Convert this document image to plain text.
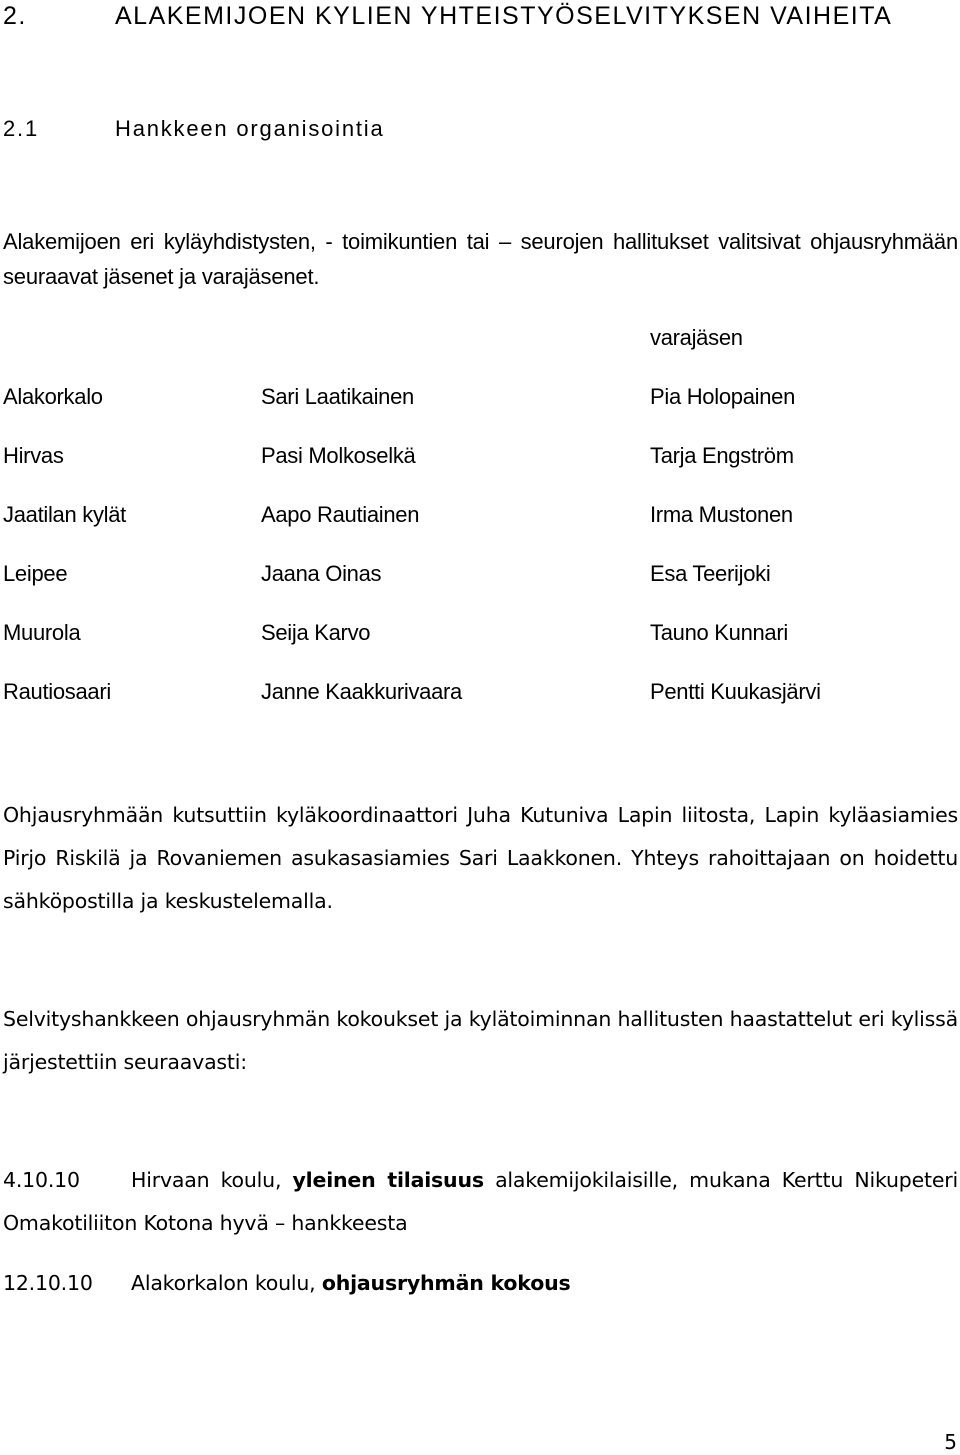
2.	ALAKEMIJOEN KYLIEN YHTEISTYÖSELVITYKSEN VAIHEITA
2.1	Hankkeen organisointia

Alakemijoen eri kyläyhdistysten, - toimikuntien tai – seurojen hallitukset valitsivat ohjausryhmään seuraavat jäsenet ja varajäsenet.

varajäsen
Alakorkalo	Sari Laatikainen	Pia Holopainen
Hirvas	Pasi Molkoselkä	Tarja Engström
Jaatilan kylät	Aapo Rautiainen	Irma Mustonen
Leipee	Jaana Oinas	Esa Teerijoki
Muurola	Seija Karvo	Tauno Kunnari
Rautiosaari	Janne Kaakkurivaara	Pentti Kuukasjärvi

Ohjausryhmään kutsuttiin kyläkoordinaattori Juha Kutuniva Lapin liitosta, Lapin kyläasiamies Pirjo Riskilä ja Rovaniemen asukasasiamies Sari Laakkonen. Yhteys rahoittajaan on hoidettu sähköpostilla ja keskustelemalla.

Selvityshankkeen ohjausryhmän kokoukset ja kylätoiminnan hallitusten haastattelut eri kylissä järjestettiin seuraavasti:

4.10.10 Hirvaan koulu, yleinen tilaisuus alakemijokilaisille, mukana Kerttu Nikupeteri Omakotiliiton Kotona hyvä – hankkeesta

12.10.10 Alakorkalon koulu, ohjausryhmän kokous

5
